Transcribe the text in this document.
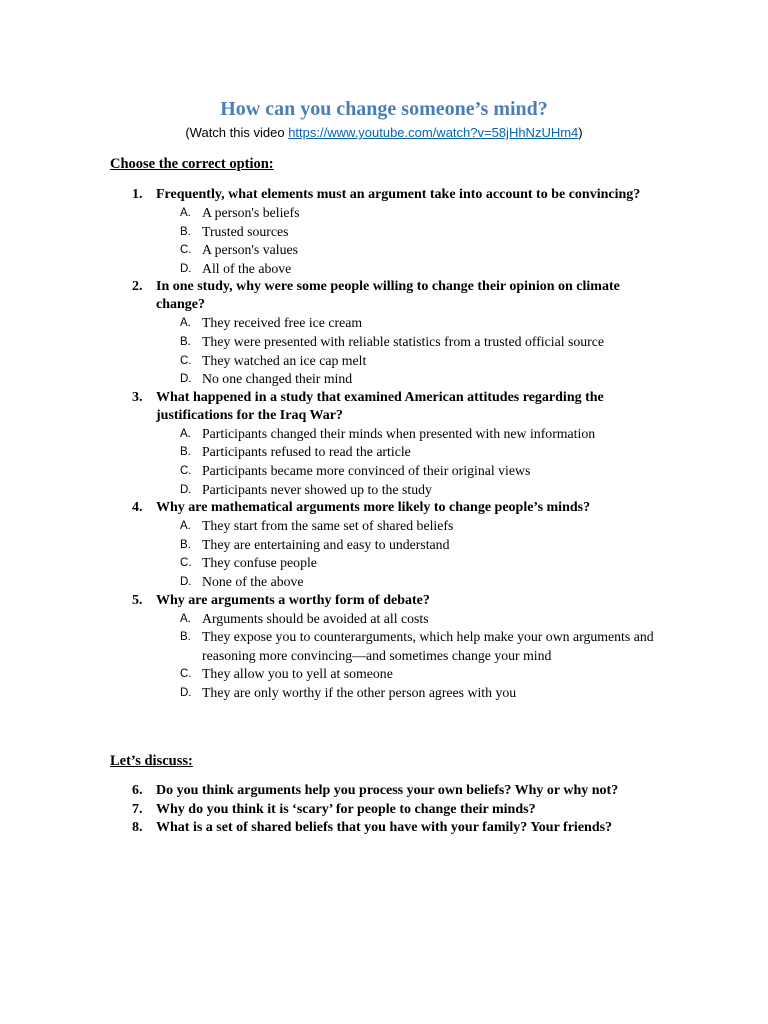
How can you change someone’s mind?
(Watch this video https://www.youtube.com/watch?v=58jHhNzUHm4)
Choose the correct option:
1. Frequently, what elements must an argument take into account to be convincing?
A. A person's beliefs
B. Trusted sources
C. A person's values
D. All of the above
2. In one study, why were some people willing to change their opinion on climate change?
A. They received free ice cream
B. They were presented with reliable statistics from a trusted official source
C. They watched an ice cap melt
D. No one changed their mind
3. What happened in a study that examined American attitudes regarding the justifications for the Iraq War?
A. Participants changed their minds when presented with new information
B. Participants refused to read the article
C. Participants became more convinced of their original views
D. Participants never showed up to the study
4. Why are mathematical arguments more likely to change people’s minds?
A. They start from the same set of shared beliefs
B. They are entertaining and easy to understand
C. They confuse people
D. None of the above
5. Why are arguments a worthy form of debate?
A. Arguments should be avoided at all costs
B. They expose you to counterarguments, which help make your own arguments and reasoning more convincing—and sometimes change your mind
C. They allow you to yell at someone
D. They are only worthy if the other person agrees with you
Let’s discuss:
6. Do you think arguments help you process your own beliefs? Why or why not?
7. Why do you think it is ‘scary’ for people to change their minds?
8. What is a set of shared beliefs that you have with your family? Your friends?
